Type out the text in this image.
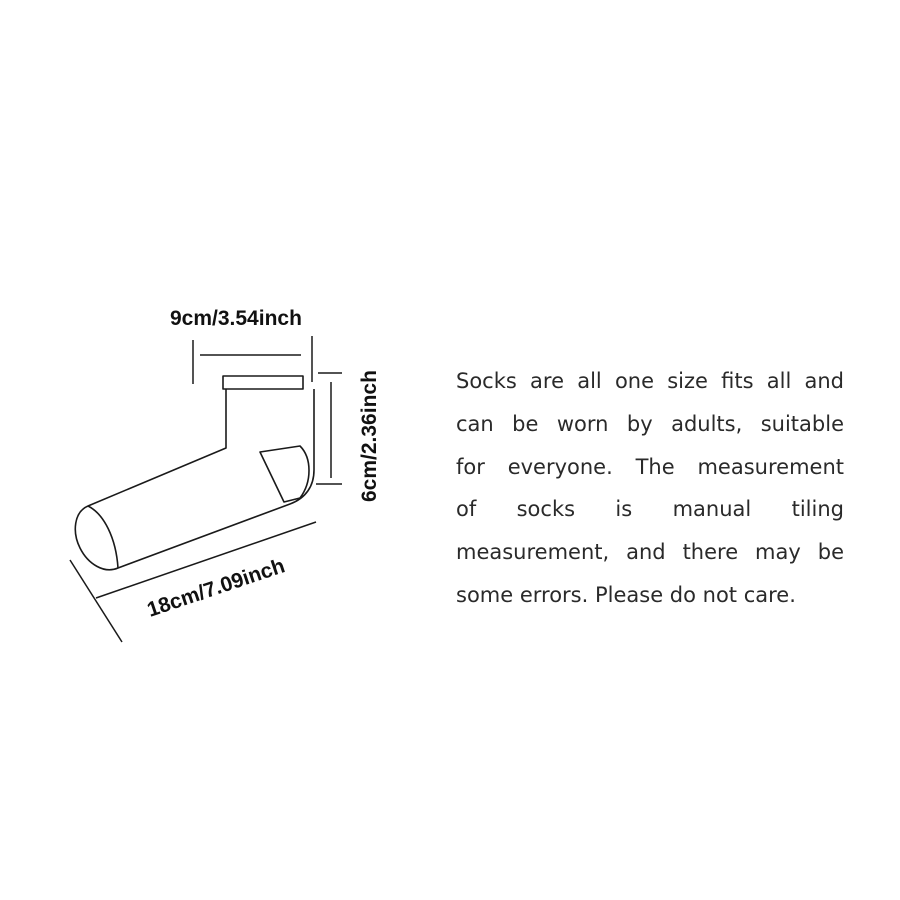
9cm/3.54inch
6cm/2.36inch
18cm/7.09inch
Socks are all one size fits all and
can be worn by adults, suitable
for everyone. The measurement
of socks is manual tiling
measurement, and there may be
some errors. Please do not care.
